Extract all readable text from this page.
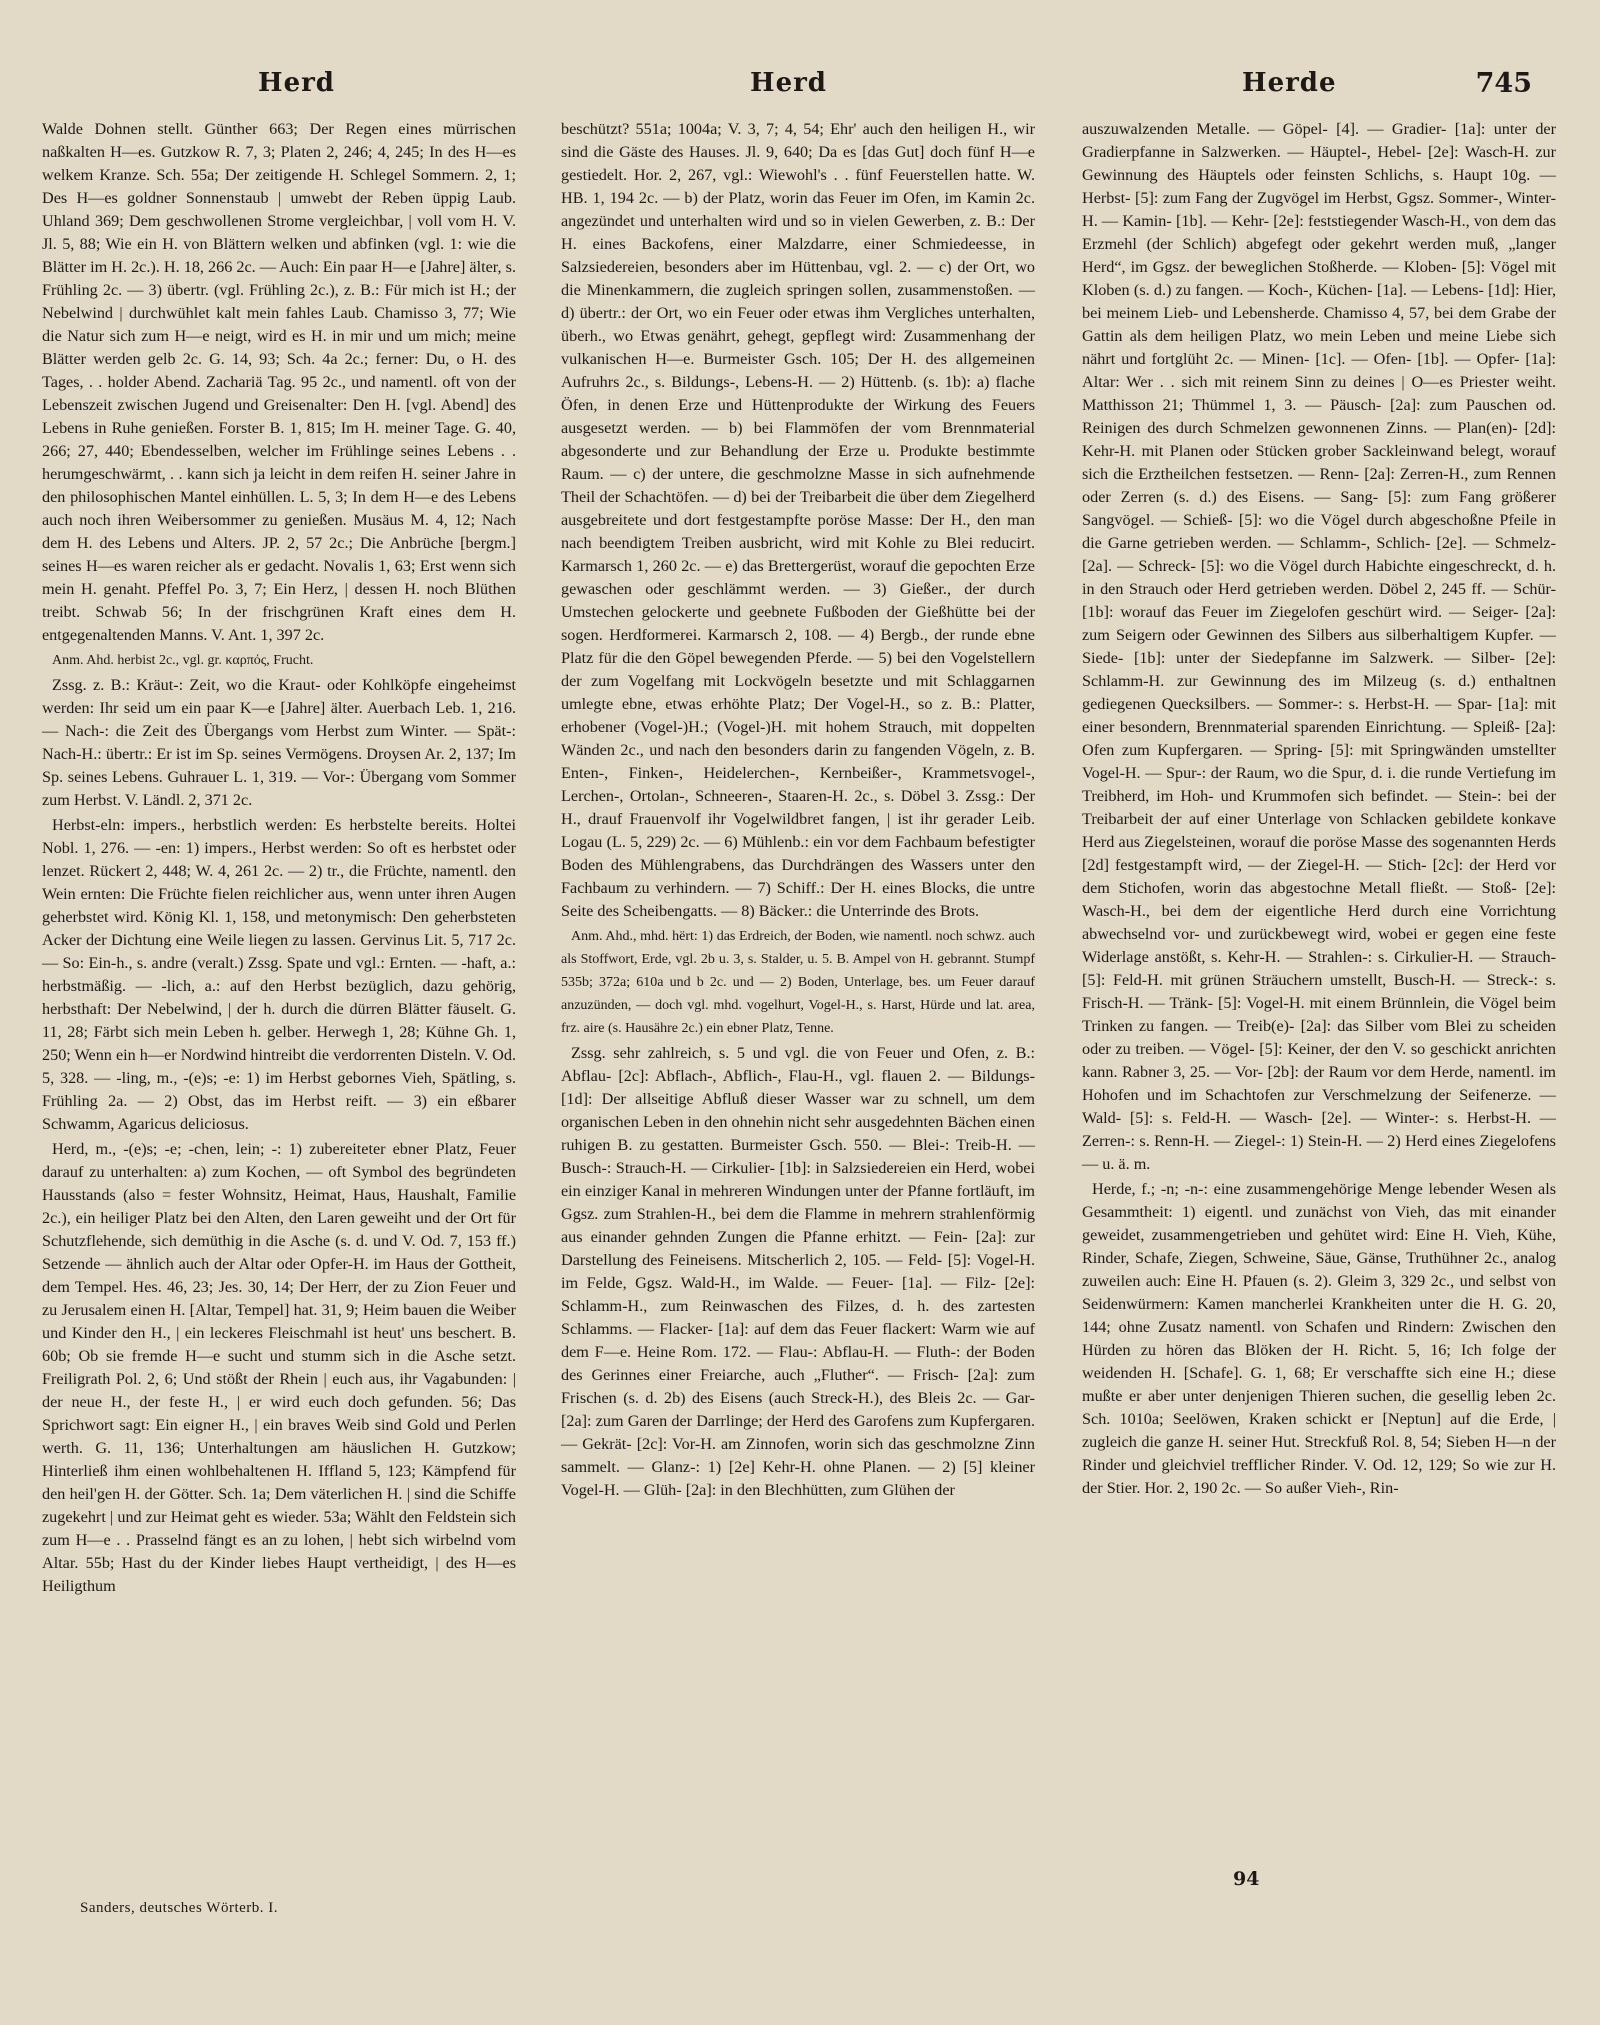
Herd	Herd	Herde	745

Walde Dohnen stellt. Günther 663; Der Regen eines mürrischen naßkalten H—es. Gutzkow R. 7, 3; Platen 2, 246; 4, 245; In des H—es welkem Kranze. Sch. 55a; Der zeitigende H. Schlegel Sommern. 2, 1; Des H—es goldner Sonnenstaub | umwebt der Reben üppig Laub. Uhland 369; Dem geschwollenen Strome vergleichbar, | voll vom H. V. Jl. 5, 88; Wie ein H. von Blättern welken und abfinken (vgl. 1: wie die Blätter im H. 2c.). H. 18, 266 2c. — Auch: Ein paar H—e [Jahre] älter, s. Frühling 2c. — 3) übertr. (vgl. Frühling 2c.), z. B.: Für mich ist H.; der Nebelwind | durchwühlet kalt mein fahles Laub. Chamisso 3, 77; Wie die Natur sich zum H—e neigt, wird es H. in mir und um mich; meine Blätter werden gelb 2c. G. 14, 93; Sch. 4a 2c.; ferner: Du, o H. des Tages, . . holder Abend. Zachariä Tag. 95 2c., und namentl. oft von der Lebenszeit zwischen Jugend und Greisenalter: Den H. [vgl. Abend] des Lebens in Ruhe genießen. Forster B. 1, 815; Im H. meiner Tage. G. 40, 266; 27, 440; Ebendesselben, welcher im Frühlinge seines Lebens . . herumgeschwärmt, . . kann sich ja leicht in dem reifen H. seiner Jahre in den philosophischen Mantel einhüllen. L. 5, 3; In dem H—e des Lebens auch noch ihren Weibersommer zu genießen. Musäus M. 4, 12; Nach dem H. des Lebens und Alters. JP. 2, 57 2c.; Die Anbrüche [bergm.] seines H—es waren reicher als er gedacht. Novalis 1, 63; Erst wenn sich mein H. genaht. Pfeffel Po. 3, 7; Ein Herz, | dessen H. noch Blüthen treibt. Schwab 56; In der frischgrünen Kraft eines dem H. entgegenaltenden Manns. V. Ant. 1, 397 2c.

Anm. Ahd. herbist 2c., vgl. gr. καρπός, Frucht.

Zssg. z. B.: Kräut-: Zeit, wo die Kraut- oder Kohlköpfe eingeheimst werden: Ihr seid um ein paar K—e [Jahre] älter. Auerbach Leb. 1, 216. — Nach-: die Zeit des Übergangs vom Herbst zum Winter. — Spät-: Nach-H.: übertr.: Er ist im Sp. seines Vermögens. Droysen Ar. 2, 137; Im Sp. seines Lebens. Guhrauer L. 1, 319. — Vor-: Übergang vom Sommer zum Herbst. V. Ländl. 2, 371 2c.

Herbst-eln: impers., herbstlich werden: Es herbstelte bereits. Holtei Nobl. 1, 276. — -en: 1) impers., Herbst werden: So oft es herbstet oder lenzet. Rückert 2, 448; W. 4, 261 2c. — 2) tr., die Früchte, namentl. den Wein ernten: Die Früchte fielen reichlicher aus, wenn unter ihren Augen geherbstet wird. König Kl. 1, 158, und metonymisch: Den geherbsteten Acker der Dichtung eine Weile liegen zu lassen. Gervinus Lit. 5, 717 2c. — So: Ein-h., s. andre (veralt.) Zssg. Spate und vgl.: Ernten. — -haft, a.: herbstmäßig. — -lich, a.: auf den Herbst bezüglich, dazu gehörig, herbsthaft: Der Nebelwind, | der h. durch die dürren Blätter fäuselt. G. 11, 28; Färbt sich mein Leben h. gelber. Herwegh 1, 28; Kühne Gh. 1, 250; Wenn ein h—er Nordwind hintreibt die verdorrenten Disteln. V. Od. 5, 328. — -ling, m., -(e)s; -e: 1) im Herbst gebornes Vieh, Spätling, s. Frühling 2a. — 2) Obst, das im Herbst reift. — 3) ein eßbarer Schwamm, Agaricus deliciosus.

Herd, m., -(e)s; -e; -chen, lein; -: 1) zubereiteter ebner Platz, Feuer darauf zu unterhalten: a) zum Kochen, — oft Symbol des begründeten Hausstands (also = fester Wohnsitz, Heimat, Haus, Haushalt, Familie 2c.), ein heiliger Platz bei den Alten, den Laren geweiht und der Ort für Schutzflehende, sich demüthig in die Asche (s. d. und V. Od. 7, 153 ff.) Setzende — ähnlich auch der Altar oder Opfer-H. im Haus der Gottheit, dem Tempel. Hes. 46, 23; Jes. 30, 14; Der Herr, der zu Zion Feuer und zu Jerusalem einen H. [Altar, Tempel] hat. 31, 9; Heim bauen die Weiber und Kinder den H., | ein leckeres Fleischmahl ist heut' uns beschert. B. 60b; Ob sie fremde H—e sucht und stumm sich in die Asche setzt. Freiligrath Pol. 2, 6; Und stößt der Rhein | euch aus, ihr Vagabunden: | der neue H., der feste H., | er wird euch doch gefunden. 56; Das Sprichwort sagt: Ein eigner H., | ein braves Weib sind Gold und Perlen werth. G. 11, 136; Unterhaltungen am häuslichen H. Gutzkow; Hinterließ ihm einen wohlbehaltenen H. Iffland 5, 123; Kämpfend für den heil'gen H. der Götter. Sch. 1a; Dem väterlichen H. | sind die Schiffe zugekehrt | und zur Heimat geht es wieder. 53a; Wählt den Feldstein sich zum H—e . . Prasselnd fängt es an zu lohen, | hebt sich wirbelnd vom Altar. 55b; Hast du der Kinder liebes Haupt vertheidigt, | des H—es Heiligthum

beschützt? 551a; 1004a; V. 3, 7; 4, 54; Ehr' auch den heiligen H., wir sind die Gäste des Hauses. Jl. 9, 640; Da es [das Gut] doch fünf H—e gestiedelt. Hor. 2, 267, vgl.: Wiewohl's . . fünf Feuerstellen hatte. W. HB. 1, 194 2c. — b) der Platz, worin das Feuer im Ofen, im Kamin 2c. angezündet und unterhalten wird und so in vielen Gewerben, z. B.: Der H. eines Backofens, einer Malzdarre, einer Schmiedeesse, in Salzsiedereien, besonders aber im Hüttenbau, vgl. 2. — c) der Ort, wo die Minenkammern, die zugleich springen sollen, zusammenstoßen. — d) übertr.: der Ort, wo ein Feuer oder etwas ihm Vergliches unterhalten, überh., wo Etwas genährt, gehegt, gepflegt wird: Zusammenhang der vulkanischen H—e. Burmeister Gsch. 105; Der H. des allgemeinen Aufruhrs 2c., s. Bildungs-, Lebens-H. — 2) Hüttenb. (s. 1b): a) flache Öfen, in denen Erze und Hüttenprodukte der Wirkung des Feuers ausgesetzt werden. — b) bei Flammöfen der vom Brennmaterial abgesonderte und zur Behandlung der Erze u. Produkte bestimmte Raum. — c) der untere, die geschmolzne Masse in sich aufnehmende Theil der Schachtöfen. — d) bei der Treibarbeit die über dem Ziegelherd ausgebreitete und dort festgestampfte poröse Masse: Der H., den man nach beendigtem Treiben ausbricht, wird mit Kohle zu Blei reducirt. Karmarsch 1, 260 2c. — e) das Brettergerüst, worauf die gepochten Erze gewaschen oder geschlämmt werden. — 3) Gießer., der durch Umstechen gelockerte und geebnete Fußboden der Gießhütte bei der sogen. Herdformerei. Karmarsch 2, 108. — 4) Bergb., der runde ebne Platz für die den Göpel bewegenden Pferde. — 5) bei den Vogelstellern der zum Vogelfang mit Lockvögeln besetzte und mit Schlaggarnen umlegte ebne, etwas erhöhte Platz; Der Vogel-H., so z. B.: Platter, erhobener (Vogel-)H.; (Vogel-)H. mit hohem Strauch, mit doppelten Wänden 2c., und nach den besonders darin zu fangenden Vögeln, z. B. Enten-, Finken-, Heidelerchen-, Kernbeißer-, Krammetsvogel-, Lerchen-, Ortolan-, Schneeren-, Staaren-H. 2c., s. Döbel 3. Zssg.: Der H., drauf Frauenvolf ihr Vogelwildbret fangen, | ist ihr gerader Leib. Logau (L. 5, 229) 2c. — 6) Mühlenb.: ein vor dem Fachbaum befestigter Boden des Mühlengrabens, das Durchdrängen des Wassers unter den Fachbaum zu verhindern. — 7) Schiff.: Der H. eines Blocks, die untre Seite des Scheibengatts. — 8) Bäcker.: die Unterrinde des Brots.

Anm. Ahd., mhd. hërt: 1) das Erdreich, der Boden, wie namentl. noch schwz. auch als Stoffwort, Erde, vgl. 2b u. 3, s. Stalder, u. 5. B. Ampel von H. gebrannt. Stumpf 535b; 372a; 610a und b 2c. und — 2) Boden, Unterlage, bes. um Feuer darauf anzuzünden, — doch vgl. mhd. vogelhurt, Vogel-H., s. Harst, Hürde und lat. area, frz. aire (s. Hausähre 2c.) ein ebner Platz, Tenne.

Zssg. sehr zahlreich, s. 5 und vgl. die von Feuer und Ofen, z. B.: Abflau- [2c]: Abflach-, Abflich-, Flau-H., vgl. flauen 2. — Bildungs- [1d]: Der allseitige Abfluß dieser Wasser war zu schnell, um dem organischen Leben in den ohnehin nicht sehr ausgedehnten Bächen einen ruhigen B. zu gestatten. Burmeister Gsch. 550. — Blei-: Treib-H. — Busch-: Strauch-H. — Cirkulier- [1b]: in Salzsiedereien ein Herd, wobei ein einziger Kanal in mehreren Windungen unter der Pfanne fortläuft, im Ggsz. zum Strahlen-H., bei dem die Flamme in mehrern strahlenförmig aus einander gehnden Zungen die Pfanne erhitzt. — Fein- [2a]: zur Darstellung des Feineisens. Mitscherlich 2, 105. — Feld- [5]: Vogel-H. im Felde, Ggsz. Wald-H., im Walde. — Feuer- [1a]. — Filz- [2e]: Schlamm-H., zum Reinwaschen des Filzes, d. h. des zartesten Schlamms. — Flacker- [1a]: auf dem das Feuer flackert: Warm wie auf dem F—e. Heine Rom. 172. — Flau-: Abflau-H. — Fluth-: der Boden des Gerinnes einer Freiarche, auch „Fluther“. — Frisch- [2a]: zum Frischen (s. d. 2b) des Eisens (auch Streck-H.), des Bleis 2c. — Gar- [2a]: zum Garen der Darrlinge; der Herd des Garofens zum Kupfergaren. — Gekrät- [2c]: Vor-H. am Zinnofen, worin sich das geschmolzne Zinn sammelt. — Glanz-: 1) [2e] Kehr-H. ohne Planen. — 2) [5] kleiner Vogel-H. — Glüh- [2a]: in den Blechhütten, zum Glühen der

auszuwalzenden Metalle. — Göpel- [4]. — Gradier- [1a]: unter der Gradierpfanne in Salzwerken. — Häuptel-, Hebel- [2e]: Wasch-H. zur Gewinnung des Häuptels oder feinsten Schlichs, s. Haupt 10g. — Herbst- [5]: zum Fang der Zugvögel im Herbst, Ggsz. Sommer-, Winter-H. — Kamin- [1b]. — Kehr- [2e]: feststiegender Wasch-H., von dem das Erzmehl (der Schlich) abgefegt oder gekehrt werden muß, „langer Herd“, im Ggsz. der beweglichen Stoßherde. — Kloben- [5]: Vögel mit Kloben (s. d.) zu fangen. — Koch-, Küchen- [1a]. — Lebens- [1d]: Hier, bei meinem Lieb- und Lebensherde. Chamisso 4, 57, bei dem Grabe der Gattin als dem heiligen Platz, wo mein Leben und meine Liebe sich nährt und fortglüht 2c. — Minen- [1c]. — Ofen- [1b]. — Opfer- [1a]: Altar: Wer . . sich mit reinem Sinn zu deines | O—es Priester weiht. Matthisson 21; Thümmel 1, 3. — Päusch- [2a]: zum Pauschen od. Reinigen des durch Schmelzen gewonnenen Zinns. — Plan(en)- [2d]: Kehr-H. mit Planen oder Stücken grober Sackleinwand belegt, worauf sich die Erztheilchen festsetzen. — Renn- [2a]: Zerren-H., zum Rennen oder Zerren (s. d.) des Eisens. — Sang- [5]: zum Fang größerer Sangvögel. — Schieß- [5]: wo die Vögel durch abgeschoßne Pfeile in die Garne getrieben werden. — Schlamm-, Schlich- [2e]. — Schmelz- [2a]. — Schreck- [5]: wo die Vögel durch Habichte eingeschreckt, d. h. in den Strauch oder Herd getrieben werden. Döbel 2, 245 ff. — Schür- [1b]: worauf das Feuer im Ziegelofen geschürt wird. — Seiger- [2a]: zum Seigern oder Gewinnen des Silbers aus silberhaltigem Kupfer. — Siede- [1b]: unter der Siedepfanne im Salzwerk. — Silber- [2e]: Schlamm-H. zur Gewinnung des im Milzeug (s. d.) enthaltnen gediegenen Quecksilbers. — Sommer-: s. Herbst-H. — Spar- [1a]: mit einer besondern, Brennmaterial sparenden Einrichtung. — Spleiß- [2a]: Ofen zum Kupfergaren. — Spring- [5]: mit Springwänden umstellter Vogel-H. — Spur-: der Raum, wo die Spur, d. i. die runde Vertiefung im Treibherd, im Hoh- und Krummofen sich befindet. — Stein-: bei der Treibarbeit der auf einer Unterlage von Schlacken gebildete konkave Herd aus Ziegelsteinen, worauf die poröse Masse des sogenannten Herds [2d] festgestampft wird, — der Ziegel-H. — Stich- [2c]: der Herd vor dem Stichofen, worin das abgestochne Metall fließt. — Stoß- [2e]: Wasch-H., bei dem der eigentliche Herd durch eine Vorrichtung abwechselnd vor- und zurückbewegt wird, wobei er gegen eine feste Widerlage anstößt, s. Kehr-H. — Strahlen-: s. Cirkulier-H. — Strauch- [5]: Feld-H. mit grünen Sträuchern umstellt, Busch-H. — Streck-: s. Frisch-H. — Tränk- [5]: Vogel-H. mit einem Brünnlein, die Vögel beim Trinken zu fangen. — Treib(e)- [2a]: das Silber vom Blei zu scheiden oder zu treiben. — Vögel- [5]: Keiner, der den V. so geschickt anrichten kann. Rabner 3, 25. — Vor- [2b]: der Raum vor dem Herde, namentl. im Hohofen und im Schachtofen zur Verschmelzung der Seifenerze. — Wald- [5]: s. Feld-H. — Wasch- [2e]. — Winter-: s. Herbst-H. — Zerren-: s. Renn-H. — Ziegel-: 1) Stein-H. — 2) Herd eines Ziegelofens — u. ä. m.

Herde, f.; -n; -n-: eine zusammengehörige Menge lebender Wesen als Gesammtheit: 1) eigentl. und zunächst von Vieh, das mit einander geweidet, zusammengetrieben und gehütet wird: Eine H. Vieh, Kühe, Rinder, Schafe, Ziegen, Schweine, Säue, Gänse, Truthühner 2c., analog zuweilen auch: Eine H. Pfauen (s. 2). Gleim 3, 329 2c., und selbst von Seidenwürmern: Kamen mancherlei Krankheiten unter die H. G. 20, 144; ohne Zusatz namentl. von Schafen und Rindern: Zwischen den Hürden zu hören das Blöken der H. Richt. 5, 16; Ich folge der weidenden H. [Schafe]. G. 1, 68; Er verschaffte sich eine H.; diese mußte er aber unter denjenigen Thieren suchen, die gesellig leben 2c. Sch. 1010a; Seelöwen, Kraken schickt er [Neptun] auf die Erde, | zugleich die ganze H. seiner Hut. Streckfuß Rol. 8, 54; Sieben H—n der Rinder und gleichviel trefflicher Rinder. V. Od. 12, 129; So wie zur H. der Stier. Hor. 2, 190 2c. — So außer Vieh-, Rin-

Sanders, deutsches Wörterb. I.
94
